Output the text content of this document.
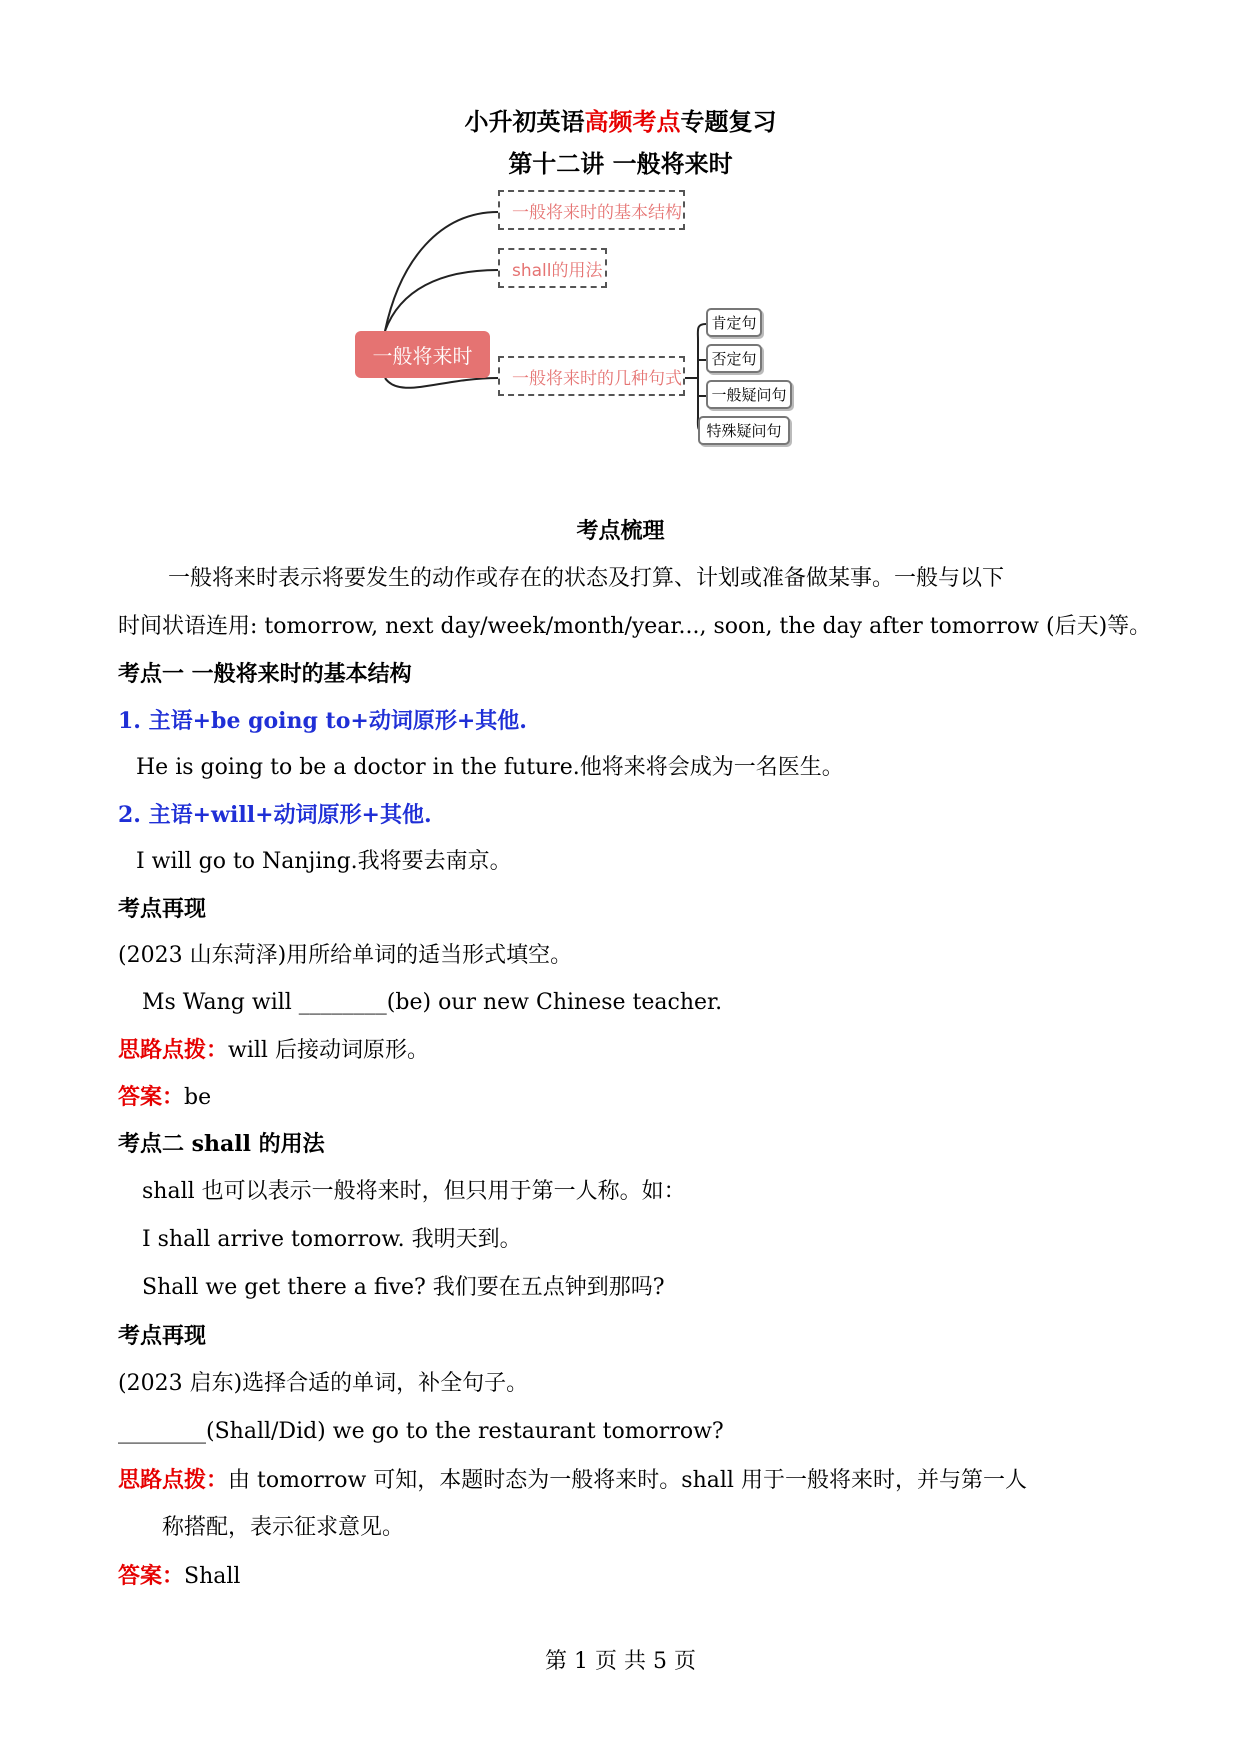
小升初英语高频考点专题复习
第十二讲 一般将来时
一般将来时
一般将来时的基本结构
shall的用法
一般将来时的几种句式
肯定句
否定句
一般疑问句
特殊疑问句
考点梳理
一般将来时表示将要发生的动作或存在的状态及打算、计划或准备做某事。一般与以下
时间状语连用: tomorrow, next day/week/month/year..., soon, the day after tomorrow (后天)等。
考点一 一般将来时的基本结构
1. 主语+be going to+动词原形+其他.
He is going to be a doctor in the future.他将来将会成为一名医生。
2. 主语+will+动词原形+其他.
I will go to Nanjing.我将要去南京。
考点再现
(2023 山东菏泽)用所给单词的适当形式填空。
Ms Wang will ________(be) our new Chinese teacher.
思路点拨：will 后接动词原形。
答案：be
考点二 shall 的用法
shall 也可以表示一般将来时，但只用于第一人称。如：
I shall arrive tomorrow. 我明天到。
Shall we get there a five? 我们要在五点钟到那吗?
考点再现
(2023 启东)选择合适的单词，补全句子。
________(Shall/Did) we go to the restaurant tomorrow?
思路点拨：由 tomorrow 可知，本题时态为一般将来时。shall 用于一般将来时，并与第一人
称搭配，表示征求意见。
答案：Shall
第 1 页 共 5 页
